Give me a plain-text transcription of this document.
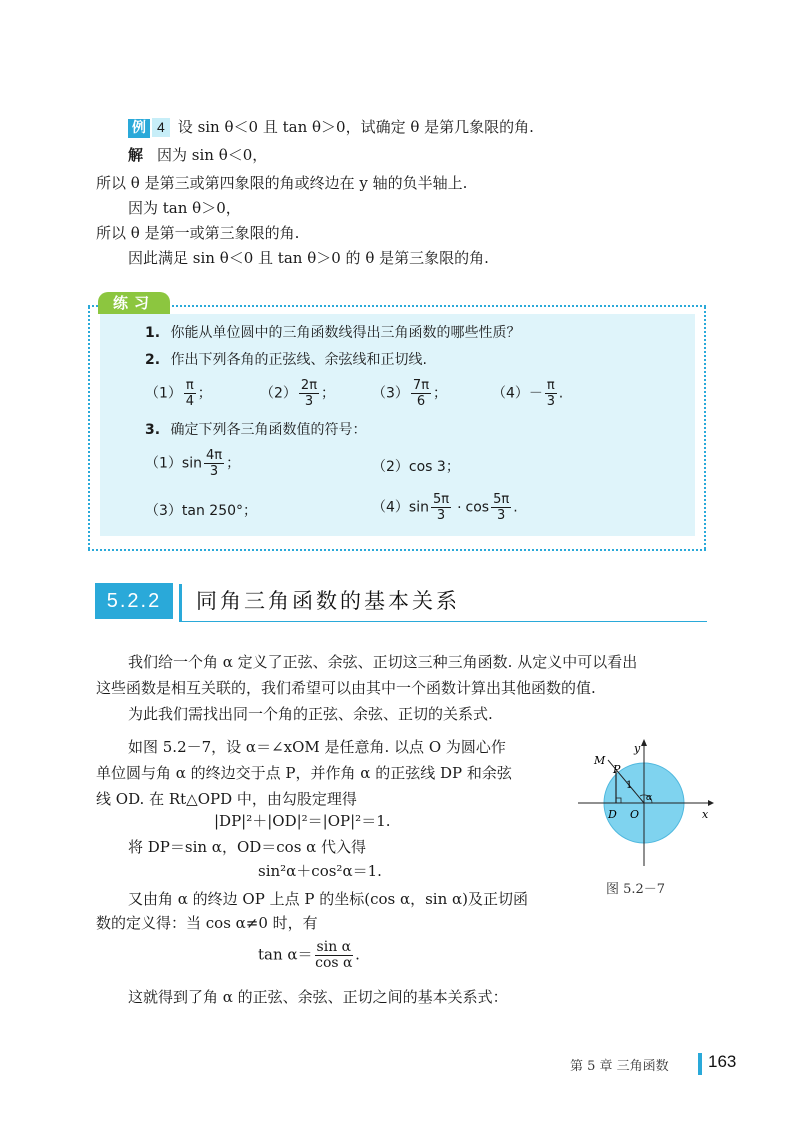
例 4 设 sin θ＜0 且 tan θ＞0，试确定 θ 是第几象限的角.
解 因为 sin θ＜0，
所以 θ 是第三或第四象限的角或终边在 y 轴的负半轴上.
因为 tan θ＞0，
所以 θ 是第一或第三象限的角.
因此满足 sin θ＜0 且 tan θ＞0 的 θ 是第三象限的角.
练习
1. 你能从单位圆中的三角函数线得出三角函数的哪些性质？
2. 作出下列各角的正弦线、余弦线和正切线.
$(1) \frac{\pi}{4}$ ；	$(2) \frac{2\pi}{3}$ ；	$(3) \frac{7\pi}{6}$ ；	$(4)- \frac{\pi}{3}$ .
3. 确定下列各三角函数值的符号：
$(1)\sin \frac{4\pi}{3}$ ；	（2）cos 3；
（3）tan 250°；	$(4)\sin \frac{5\pi}{3} \cdot \cos \frac{5\pi}{3}$ .
5.2.2	同角三角函数的基本关系
我们给一个角 α 定义了正弦、余弦、正切这三种三角函数. 从定义中可以看出
这些函数是相互关联的，我们希望可以由其中一个函数计算出其他函数的值.
为此我们需找出同一个角的正弦、余弦、正切的关系式.
如图 5.2－7，设 α＝∠xOM 是任意角. 以点 O 为圆心作
单位圆与角 α 的终边交于点 P，并作角 α 的正弦线 DP 和余弦
线 OD. 在 Rt△OPD 中，由勾股定理得
|DP|²＋|OD|²＝|OP|²＝1.
将 DP＝sin α，OD＝cos α 代入得
sin²α＋cos²α＝1.
又由角 α 的终边 OP 上点 P 的坐标(cos α，sin α)及正切函
数的定义得：当 cos α≠0 时，有
$\tan \alpha= \frac{\text{sin α}}{\text{cos α}}$ .
这就得到了角 α 的正弦、余弦、正切之间的基本关系式：
y
x
M
P
1
α
D O
图 5.2－7
第 5 章 三角函数 163
